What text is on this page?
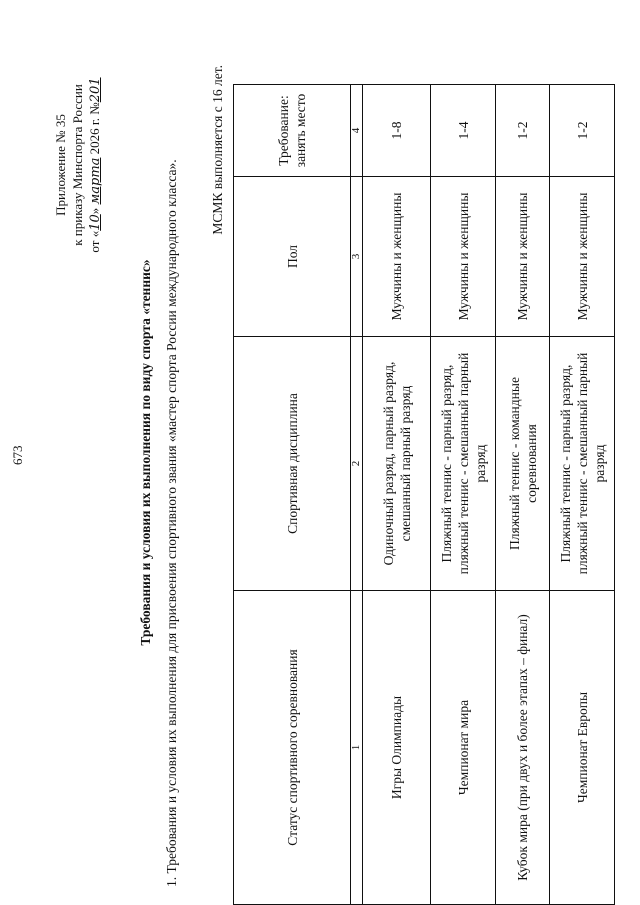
673
Приложение № 35 к приказу Минспорта России от «10» марта 2026 г. №201
Требования и условия их выполнения по виду спорта «теннис» 1. Требования и условия их выполнения для присвоения спортивного звания «мастер спорта России международного класса».
МСМК выполняется с 16 лет.
Статус спортивного соревнования	Спортивная дисциплина	Пол	Требование: занять место
1	2	3	4
Игры Олимпиады	Одиночный разряд, парный разряд, смешанный парный разряд	Мужчины и женщины	1-8
Чемпионат мира	Пляжный теннис - парный разряд, пляжный теннис - смешанный парный разряд	Мужчины и женщины	1-4
Кубок мира (при двух и более этапах – финал)	Пляжный теннис - командные соревнования	Мужчины и женщины	1-2
Чемпионат Европы	Пляжный теннис - парный разряд, пляжный теннис - смешанный парный разряд	Мужчины и женщины	1-2
